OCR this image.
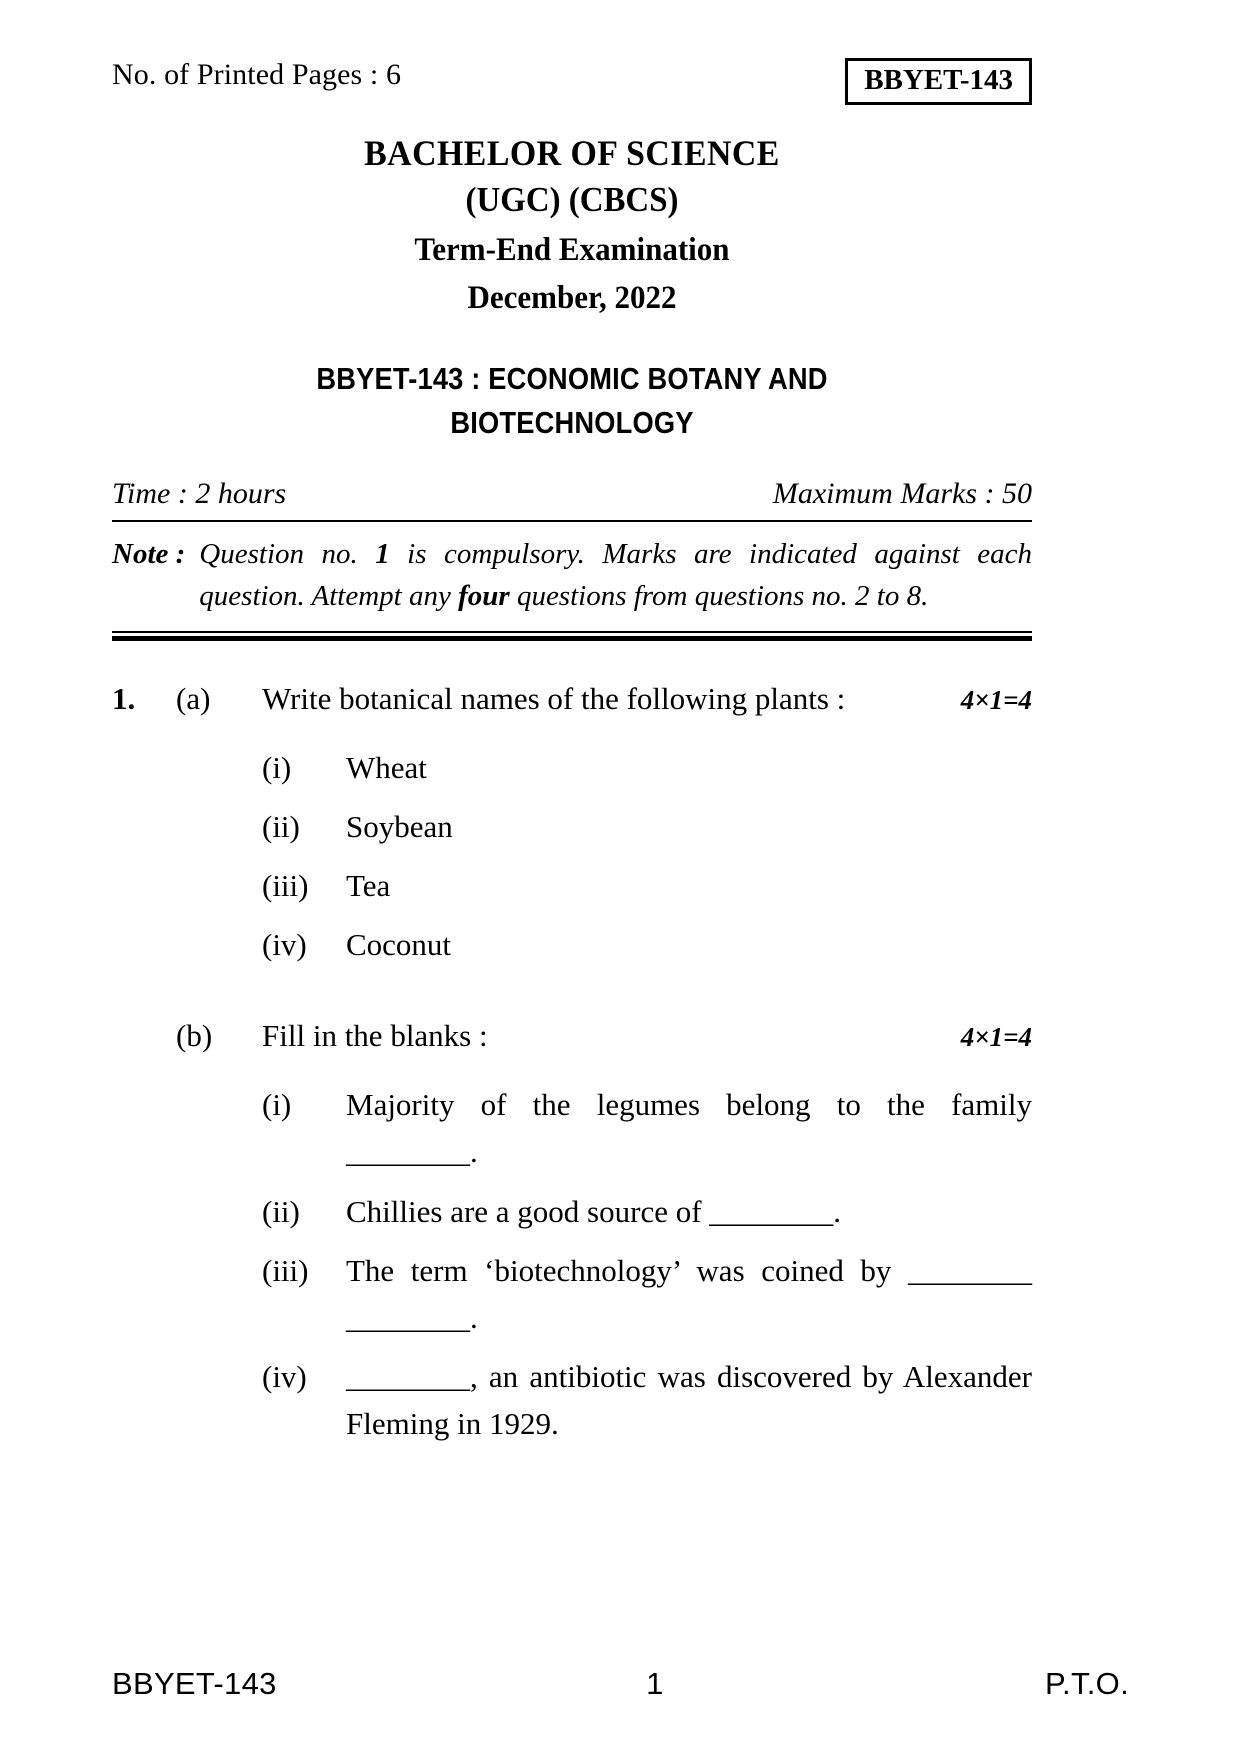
No. of Printed Pages : 6	BBYET-143
BACHELOR OF SCIENCE
(UGC) (CBCS)
Term-End Examination
December, 2022
BBYET-143 : ECONOMIC BOTANY AND
BIOTECHNOLOGY
Time : 2 hours	Maximum Marks : 50
Note : Question no. 1 is compulsory. Marks are indicated against each question. Attempt any four questions from questions no. 2 to 8.
1.	(a)	Write botanical names of the following plants :	4×1=4
(i)	Wheat
(ii)	Soybean
(iii)	Tea
(iv)	Coconut
(b)	Fill in the blanks :	4×1=4
(i)	Majority of the legumes belong to the family ________.
(ii)	Chillies are a good source of ________.
(iii)	The term ‘biotechnology’ was coined by ________ ________.
(iv)	________, an antibiotic was discovered by Alexander Fleming in 1929.
BBYET-143	1	P.T.O.
